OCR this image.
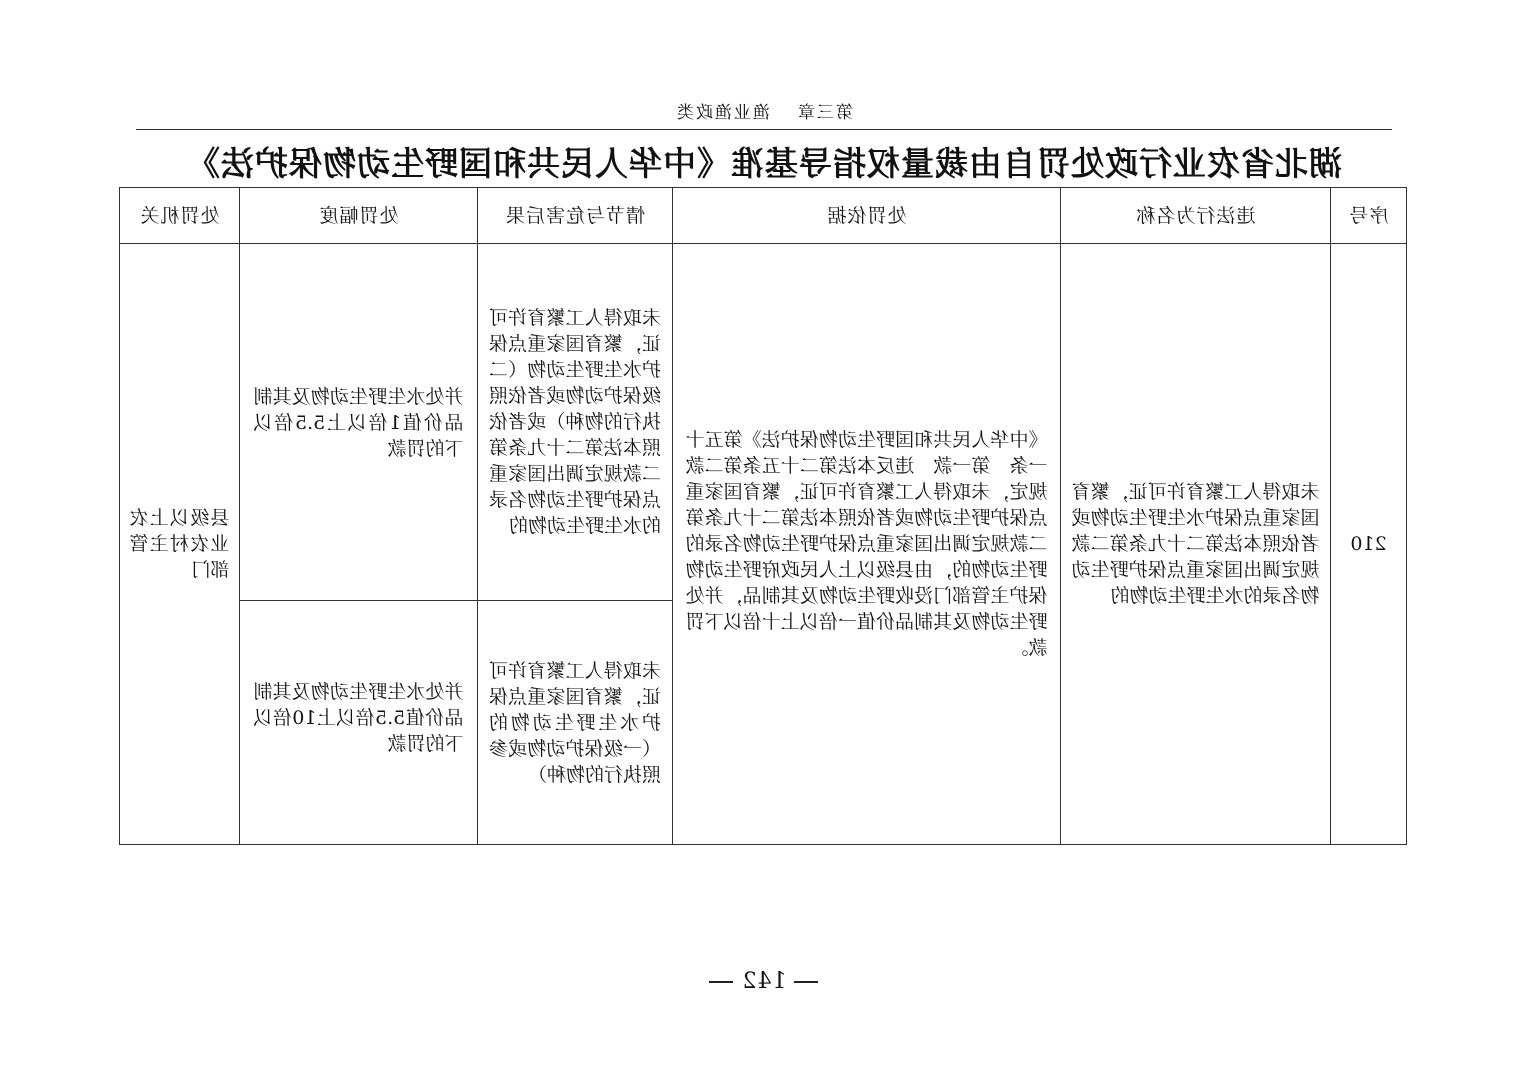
第三章渔业渔政类
湖北省农业行政处罚自由裁量权指导基准《中华人民共和国野生动物保护法》
序号	违法行为名称	处罚依据	情节与危害后果	处罚幅度	处罚机关
210	未取得人工繁育许可证，繁育国家重点保护水生野生动物或者依照本法第二十九条第二款规定调出国家重点保护野生动物名录的水生野生动物的	《中华人民共和国野生动物保护法》第五十一条　第一款　违反本法第二十五条第二款规定，未取得人工繁育许可证，繁育国家重点保护野生动物或者依照本法第二十九条第二款规定调出国家重点保护野生动物名录的野生动物的，由县级以上人民政府野生动物保护主管部门没收野生动物及其制品，并处野生动物及其制品价值一倍以上十倍以下罚款。	未取得人工繁育许可证，繁育国家重点保护水生野生动物（二级保护动物或者依照执行的物种）或者依照本法第二十九条第二款规定调出国家重点保护野生动物名录的水生野生动物的	并处水生野生动物及其制品价值1倍以上5.5倍以下的罚款	县级以上农业农村主管部门

			未取得人工繁育许可证，繁育国家重点保护水生野生动物的（一级保护动物或参照执行的物种）	并处水生野生动物及其制品价值5.5倍以上10倍以下的罚款	
142
